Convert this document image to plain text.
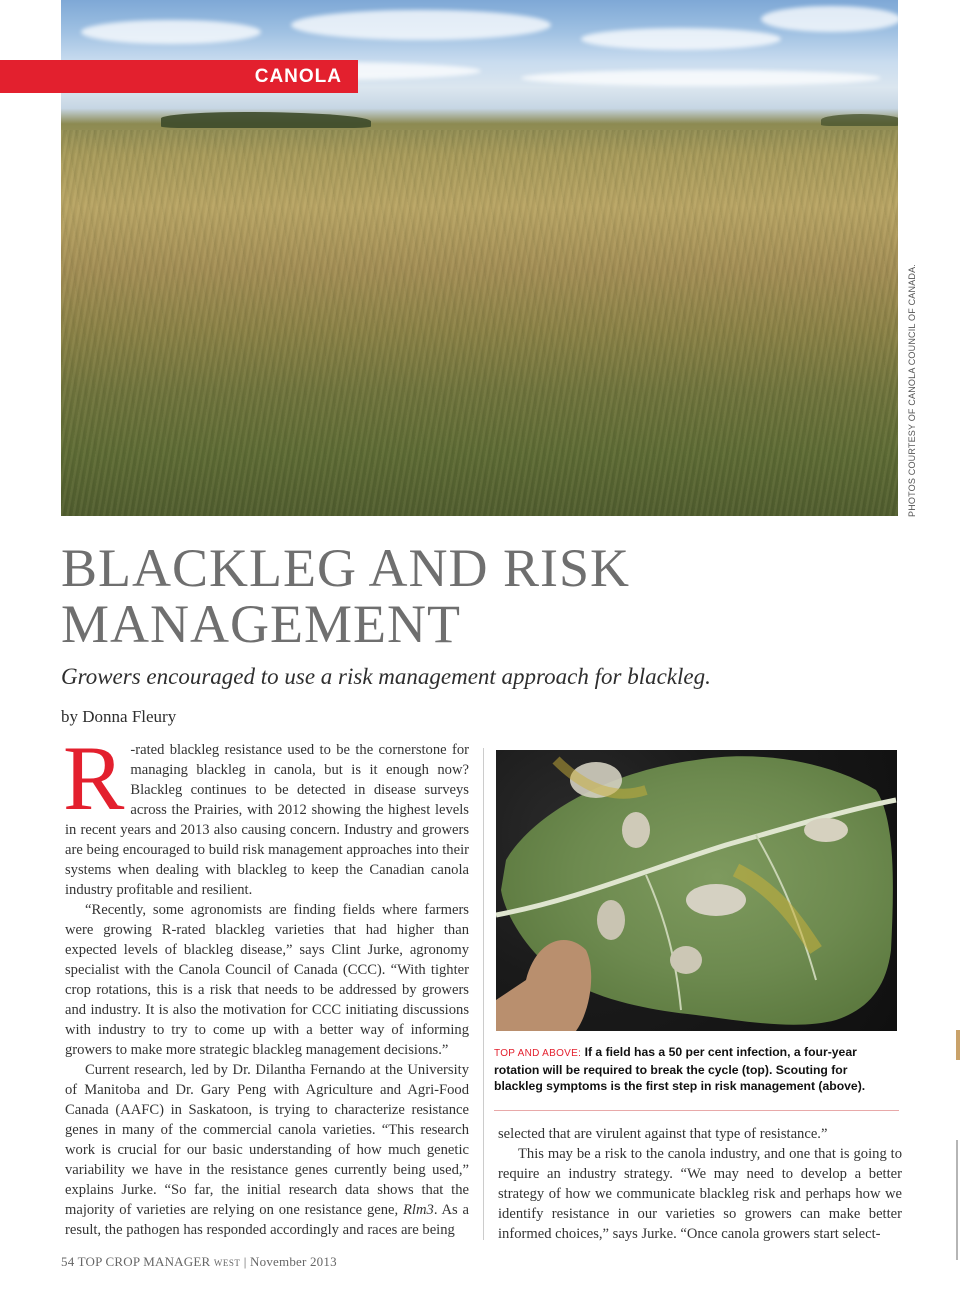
CANOLA
PHOTOS COURTESY OF CANOLA COUNCIL OF CANADA.
BLACKLEG AND RISK
MANAGEMENT
Growers encouraged to use a risk management approach for blackleg.
by Donna Fleury

R -rated blackleg resistance used to be the cornerstone for managing blackleg in canola, but is it enough now? Blackleg continues to be detected in disease surveys across the Prairies, with 2012 showing the highest levels in recent years and 2013 also causing concern. Industry and growers are being encouraged to build risk management approaches into their systems when dealing with blackleg to keep the Canadian canola industry profitable and resilient.

“Recently, some agronomists are finding fields where farmers were growing R-rated blackleg varieties that had higher than expected levels of blackleg disease,” says Clint Jurke, agronomy specialist with the Canola Council of Canada (CCC). “With tighter crop rotations, this is a risk that needs to be addressed by growers and industry. It is also the motivation for CCC initiating discussions with industry to try to come up with a better way of informing growers to make more strategic blackleg management decisions.”

Current research, led by Dr. Dilantha Fernando at the University of Manitoba and Dr. Gary Peng with Agriculture and Agri-Food Canada (AAFC) in Saskatoon, is trying to characterize resistance genes in many of the commercial canola varieties. “This research work is crucial for our basic understanding of how much genetic variability we have in the resistance genes currently being used,” explains Jurke. “So far, the initial research data shows that the majority of varieties are relying on one resistance gene, Rlm3. As a result, the pathogen has responded accordingly and races are being

TOP AND ABOVE: If a field has a 50 per cent infection, a four-year rotation will be required to break the cycle (top). Scouting for blackleg symptoms is the first step in risk management (above).

selected that are virulent against that type of resistance.”

This may be a risk to the canola industry, and one that is going to require an industry strategy. “We may need to develop a better strategy of how we communicate blackleg risk and perhaps how we identify resistance in our varieties so growers can make better informed choices,” says Jurke. “Once canola growers start select-

54 TOP CROP MANAGER WEST | November 2013
